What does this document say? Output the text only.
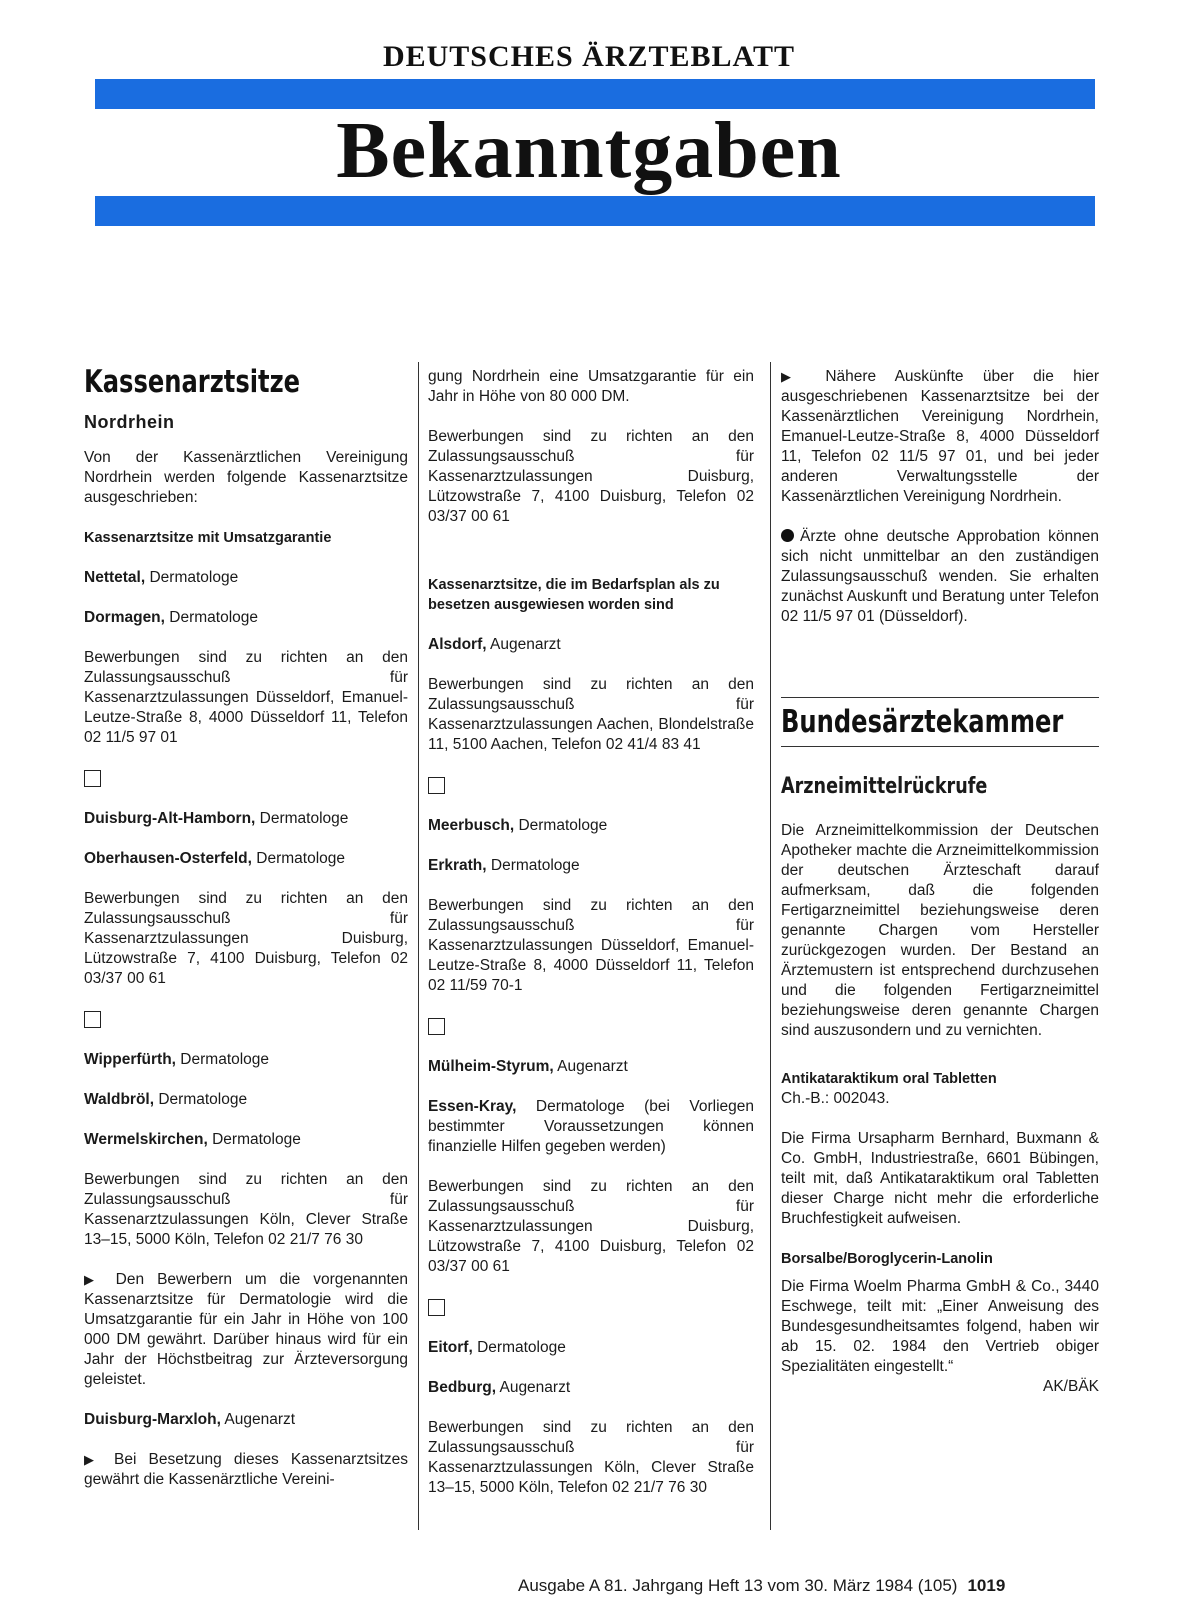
DEUTSCHES ÄRZTEBLATT
Bekanntgaben
Kassenarztsitze
Nordrhein

Von der Kassenärztlichen Vereinigung Nordrhein werden folgende Kassenarztsitze ausgeschrieben:

Kassenarztsitze mit Umsatzgarantie

Nettetal, Dermatologe

Dormagen, Dermatologe

Bewerbungen sind zu richten an den Zulassungsausschuß für Kassenarztzulassungen Düsseldorf, Emanuel-Leutze-Straße 8, 4000 Düsseldorf 11, Telefon 02 11/5 97 01

Duisburg-Alt-Hamborn, Dermatologe

Oberhausen-Osterfeld, Dermatologe

Bewerbungen sind zu richten an den Zulassungsausschuß für Kassenarztzulassungen Duisburg, Lützowstraße 7, 4100 Duisburg, Telefon 02 03/37 00 61

Wipperfürth, Dermatologe

Waldbröl, Dermatologe

Wermelskirchen, Dermatologe

Bewerbungen sind zu richten an den Zulassungsausschuß für Kassenarztzulassungen Köln, Clever Straße 13–15, 5000 Köln, Telefon 02 21/7 76 30

▶ Den Bewerbern um die vorgenannten Kassenarztsitze für Dermatologie wird die Umsatzgarantie für ein Jahr in Höhe von 100 000 DM gewährt. Darüber hinaus wird für ein Jahr der Höchstbeitrag zur Ärzteversorgung geleistet.

Duisburg-Marxloh, Augenarzt

▶ Bei Besetzung dieses Kassenarztsitzes gewährt die Kassenärztliche Vereini-

gung Nordrhein eine Umsatzgarantie für ein Jahr in Höhe von 80 000 DM.

Bewerbungen sind zu richten an den Zulassungsausschuß für Kassenarztzulassungen Duisburg, Lützowstraße 7, 4100 Duisburg, Telefon 02 03/37 00 61

Kassenarztsitze, die im Bedarfsplan als zu besetzen ausgewiesen worden sind

Alsdorf, Augenarzt

Bewerbungen sind zu richten an den Zulassungsausschuß für Kassenarztzulassungen Aachen, Blondelstraße 11, 5100 Aachen, Telefon 02 41/4 83 41

Meerbusch, Dermatologe

Erkrath, Dermatologe

Bewerbungen sind zu richten an den Zulassungsausschuß für Kassenarztzulassungen Düsseldorf, Emanuel-Leutze-Straße 8, 4000 Düsseldorf 11, Telefon 02 11/59 70-1

Mülheim-Styrum, Augenarzt

Essen-Kray, Dermatologe (bei Vorliegen bestimmter Voraussetzungen können finanzielle Hilfen gegeben werden)

Bewerbungen sind zu richten an den Zulassungsausschuß für Kassenarztzulassungen Duisburg, Lützowstraße 7, 4100 Duisburg, Telefon 02 03/37 00 61

Eitorf, Dermatologe

Bedburg, Augenarzt

Bewerbungen sind zu richten an den Zulassungsausschuß für Kassenarztzulassungen Köln, Clever Straße 13–15, 5000 Köln, Telefon 02 21/7 76 30

▶ Nähere Auskünfte über die hier ausgeschriebenen Kassenarztsitze bei der Kassenärztlichen Vereinigung Nordrhein, Emanuel-Leutze-Straße 8, 4000 Düsseldorf 11, Telefon 02 11/5 97 01, und bei jeder anderen Verwaltungsstelle der Kassenärztlichen Vereinigung Nordrhein.

Ärzte ohne deutsche Approbation können sich nicht unmittelbar an den zuständigen Zulassungsausschuß wenden. Sie erhalten zunächst Auskunft und Beratung unter Telefon 02 11/5 97 01 (Düsseldorf).

Bundesärztekammer
Arzneimittelrückrufe

Die Arzneimittelkommission der Deutschen Apotheker machte die Arzneimittelkommission der deutschen Ärzteschaft darauf aufmerksam, daß die folgenden Fertigarzneimittel beziehungsweise deren genannte Chargen vom Hersteller zurückgezogen wurden. Der Bestand an Ärztemustern ist entsprechend durchzusehen und die folgenden Fertigarzneimittel beziehungsweise deren genannte Chargen sind auszusondern und zu vernichten.

Antikataraktikum oral Tabletten

Ch.-B.: 002043.

Die Firma Ursapharm Bernhard, Buxmann & Co. GmbH, Industriestraße, 6601 Bübingen, teilt mit, daß Antikataraktikum oral Tabletten dieser Charge nicht mehr die erforderliche Bruchfestigkeit aufweisen.

Borsalbe/Boroglycerin-Lanolin

Die Firma Woelm Pharma GmbH & Co., 3440 Eschwege, teilt mit: „Einer Anweisung des Bundesgesundheitsamtes folgend, haben wir ab 15. 02. 1984 den Vertrieb obiger Spezialitäten eingestellt.“

AK/BÄK

Ausgabe A 81. Jahrgang Heft 13 vom 30. März 1984 (105) 1019
